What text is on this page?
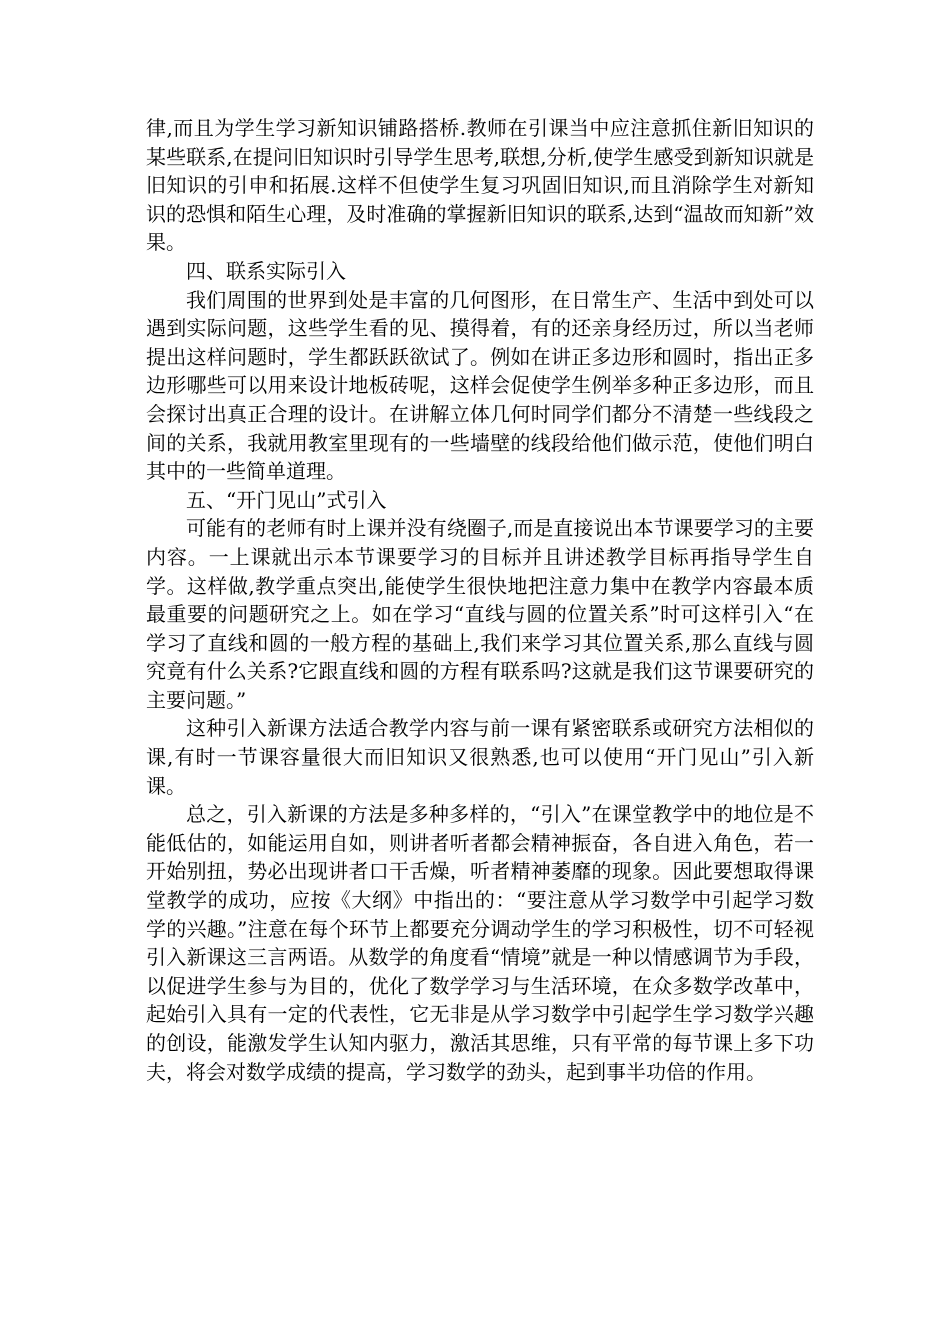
律,而且为学生学习新知识铺路搭桥.教师在引课当中应注意抓住新旧知识的某些联系,在提问旧知识时引导学生思考,联想,分析,使学生感受到新知识就是旧知识的引申和拓展.这样不但使学生复习巩固旧知识,而且消除学生对新知识的恐惧和陌生心理，及时准确的掌握新旧知识的联系,达到“温故而知新”效果。

四、联系实际引入

我们周围的世界到处是丰富的几何图形，在日常生产、生活中到处可以遇到实际问题，这些学生看的见、摸得着，有的还亲身经历过，所以当老师提出这样问题时，学生都跃跃欲试了。例如在讲正多边形和圆时，指出正多边形哪些可以用来设计地板砖呢，这样会促使学生例举多种正多边形，而且会探讨出真正合理的设计。在讲解立体几何时同学们都分不清楚一些线段之间的关系，我就用教室里现有的一些墙壁的线段给他们做示范，使他们明白其中的一些简单道理。

五、“开门见山”式引入

可能有的老师有时上课并没有绕圈子,而是直接说出本节课要学习的主要内容。一上课就出示本节课要学习的目标并且讲述教学目标再指导学生自学。这样做,教学重点突出,能使学生很快地把注意力集中在教学内容最本质最重要的问题研究之上。如在学习“直线与圆的位置关系”时可这样引入“在学习了直线和圆的一般方程的基础上,我们来学习其位置关系,那么直线与圆究竟有什么关系?它跟直线和圆的方程有联系吗?这就是我们这节课要研究的主要问题。”

这种引入新课方法适合教学内容与前一课有紧密联系或研究方法相似的课,有时一节课容量很大而旧知识又很熟悉,也可以使用“开门见山”引入新课。

总之，引入新课的方法是多种多样的，“引入”在课堂教学中的地位是不能低估的，如能运用自如，则讲者听者都会精神振奋，各自进入角色，若一开始别扭，势必出现讲者口干舌燥，听者精神萎靡的现象。因此要想取得课堂教学的成功，应按《大纲》中指出的：“要注意从学习数学中引起学习数学的兴趣。”注意在每个环节上都要充分调动学生的学习积极性，切不可轻视引入新课这三言两语。从数学的角度看“情境”就是一种以情感调节为手段，以促进学生参与为目的，优化了数学学习与生活环境，在众多数学改革中，起始引入具有一定的代表性，它无非是从学习数学中引起学生学习数学兴趣的创设，能激发学生认知内驱力，激活其思维，只有平常的每节课上多下功夫，将会对数学成绩的提高，学习数学的劲头，起到事半功倍的作用。
